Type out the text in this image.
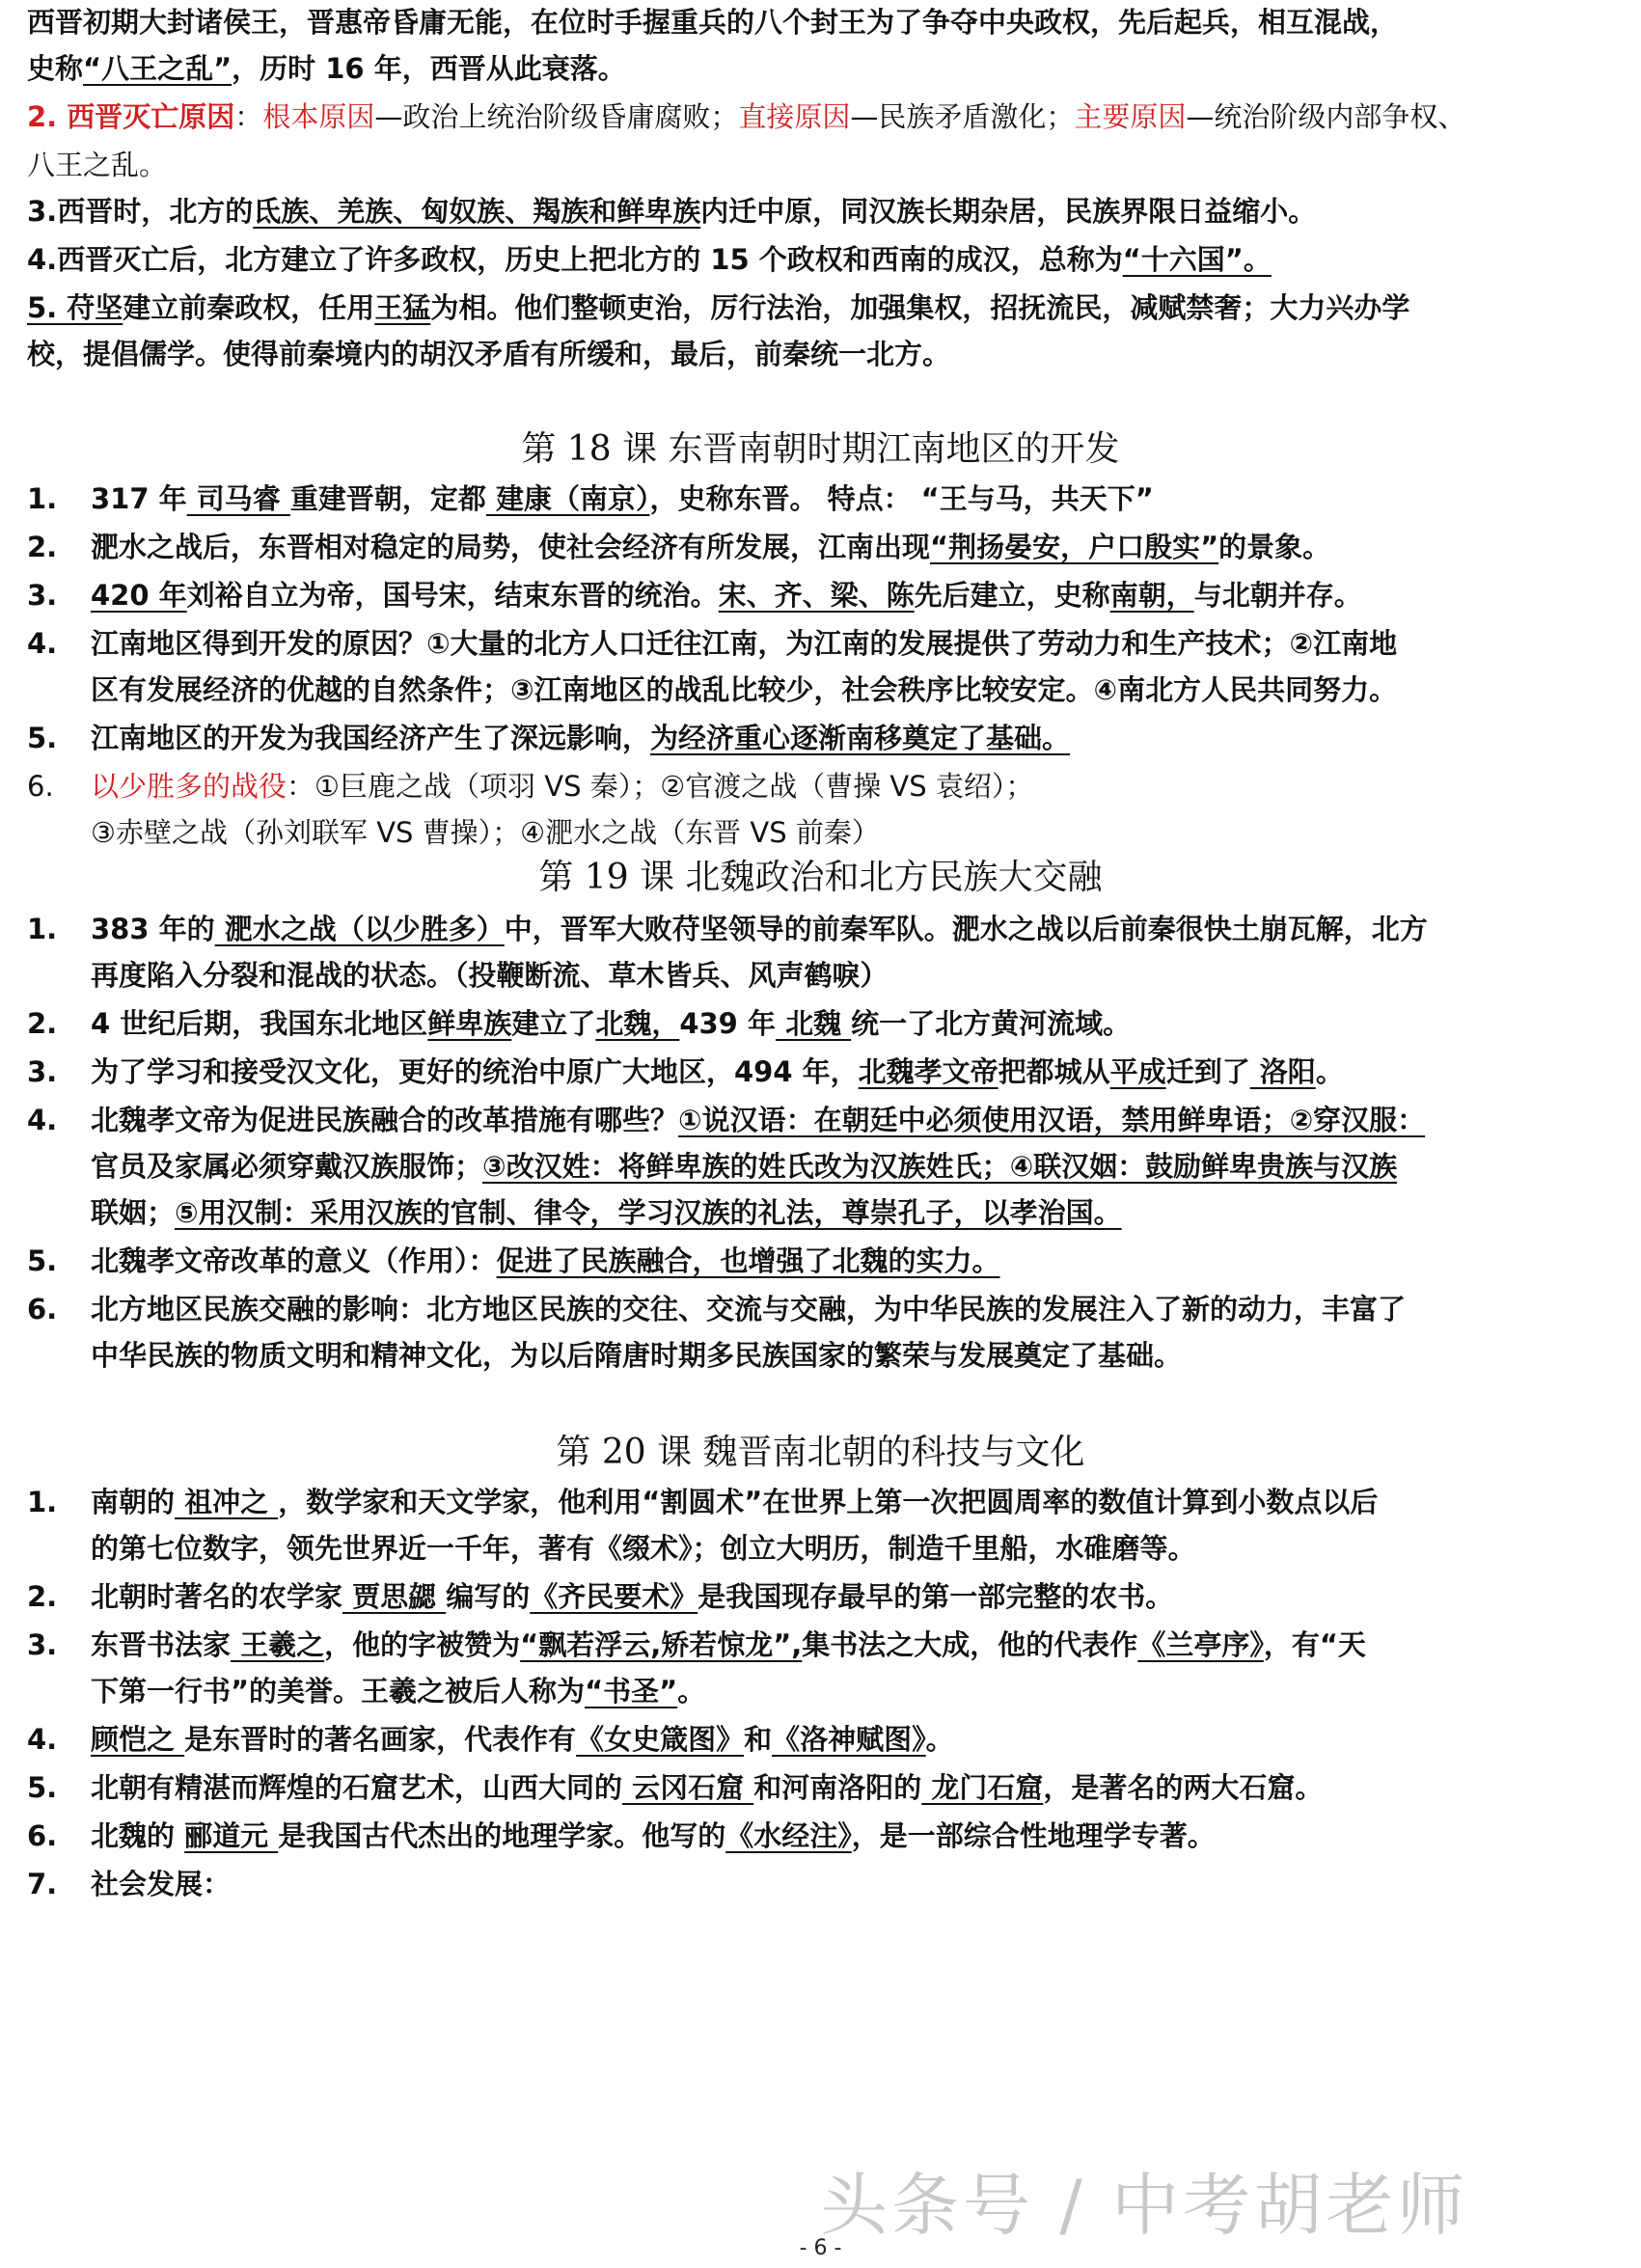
西晋初期大封诸侯王，晋惠帝昏庸无能，在位时手握重兵的八个封王为了争夺中央政权，先后起兵，相互混战，
史称“八王之乱”，历时 16 年，西晋从此衰落。
2. 西晋灭亡原因：根本原因—政治上统治阶级昏庸腐败；直接原因—民族矛盾激化；主要原因—统治阶级内部争权、
八王之乱。
3.西晋时，北方的氐族、羌族、匈奴族、羯族和鲜卑族内迁中原，同汉族长期杂居，民族界限日益缩小。
4.西晋灭亡后，北方建立了许多政权，历史上把北方的 15 个政权和西南的成汉，总称为“十六国”。
5. 苻坚建立前秦政权，任用王猛为相。他们整顿吏治，厉行法治，加强集权，招抚流民，减赋禁奢；大力兴办学
校，提倡儒学。使得前秦境内的胡汉矛盾有所缓和，最后，前秦统一北方。
第 18 课 东晋南朝时期江南地区的开发
1.	317 年 司马睿 重建晋朝，定都 建康（南京），史称东晋。 特点： “王与马，共天下”
2.	淝水之战后，东晋相对稳定的局势，使社会经济有所发展，江南出现“荆扬晏安，户口殷实”的景象。
3.	420 年刘裕自立为帝，国号宋，结束东晋的统治。宋、齐、梁、陈先后建立，史称南朝，与北朝并存。
4.	江南地区得到开发的原因？①大量的北方人口迁往江南，为江南的发展提供了劳动力和生产技术；②江南地
区有发展经济的优越的自然条件；③江南地区的战乱比较少，社会秩序比较安定。④南北方人民共同努力。
5.	江南地区的开发为我国经济产生了深远影响，为经济重心逐渐南移奠定了基础。
6.	以少胜多的战役：①巨鹿之战（项羽 VS 秦）；②官渡之战（曹操 VS 袁绍）；
③赤壁之战（孙刘联军 VS 曹操）；④淝水之战（东晋 VS 前秦）
第 19 课 北魏政治和北方民族大交融
1.	383 年的 淝水之战（以少胜多）中，晋军大败苻坚领导的前秦军队。淝水之战以后前秦很快土崩瓦解，北方
再度陷入分裂和混战的状态。（投鞭断流、草木皆兵、风声鹤唳）
2.	4 世纪后期，我国东北地区鲜卑族建立了北魏，439 年 北魏 统一了北方黄河流域。
3.	为了学习和接受汉文化，更好的统治中原广大地区，494 年，北魏孝文帝把都城从平成迁到了 洛阳。
4.	北魏孝文帝为促进民族融合的改革措施有哪些？①说汉语：在朝廷中必须使用汉语，禁用鲜卑语；②穿汉服：
官员及家属必须穿戴汉族服饰；③改汉姓：将鲜卑族的姓氏改为汉族姓氏；④联汉姻：鼓励鲜卑贵族与汉族
联姻；⑤用汉制：采用汉族的官制、律令，学习汉族的礼法，尊崇孔子，以孝治国。
5.	北魏孝文帝改革的意义（作用）：促进了民族融合，也增强了北魏的实力。
6.	北方地区民族交融的影响：北方地区民族的交往、交流与交融，为中华民族的发展注入了新的动力，丰富了
中华民族的物质文明和精神文化，为以后隋唐时期多民族国家的繁荣与发展奠定了基础。
第 20 课 魏晋南北朝的科技与文化
1.	南朝的 祖冲之 ，数学家和天文学家，他利用“割圆术”在世界上第一次把圆周率的数值计算到小数点以后
的第七位数字，领先世界近一千年，著有《缀术》；创立大明历，制造千里船，水碓磨等。
2.	北朝时著名的农学家 贾思勰 编写的《齐民要术》是我国现存最早的第一部完整的农书。
3.	东晋书法家 王羲之，他的字被赞为“飘若浮云,矫若惊龙”,集书法之大成，他的代表作《兰亭序》，有“天
下第一行书”的美誉。王羲之被后人称为“书圣”。
4.	顾恺之 是东晋时的著名画家，代表作有《女史箴图》和《洛神赋图》。
5.	北朝有精湛而辉煌的石窟艺术，山西大同的 云冈石窟 和河南洛阳的 龙门石窟，是著名的两大石窟。
6.	北魏的 郦道元 是我国古代杰出的地理学家。他写的《水经注》，是一部综合性地理学专著。
7.	社会发展：
头条号 / 中考胡老师
- 6 -
